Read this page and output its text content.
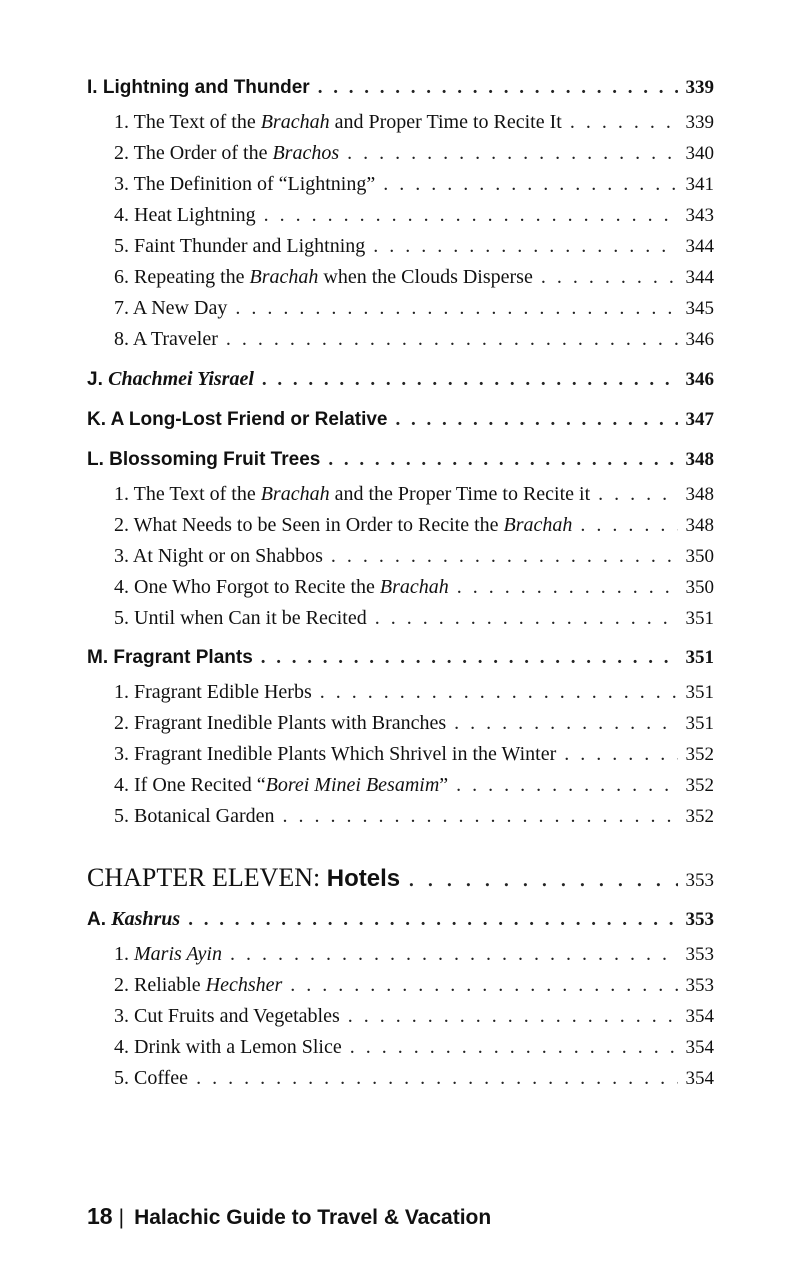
I. Lightning and Thunder . . .	339
1. The Text of the Brachah and Proper Time to Recite It . . .	339
2. The Order of the Brachos . . .	340
3. The Definition of “Lightning” . . .	341
4. Heat Lightning . . .	343
5. Faint Thunder and Lightning . . .	344
6. Repeating the Brachah when the Clouds Disperse . . .	344
7. A New Day . . .	345
8. A Traveler . . .	346
J. Chachmei Yisrael . . .	346
K. A Long-Lost Friend or Relative . . .	347
L. Blossoming Fruit Trees . . .	348
1. The Text of the Brachah and the Proper Time to Recite it . . .	348
2. What Needs to be Seen in Order to Recite the Brachah . . .	348
3. At Night or on Shabbos . . .	350
4. One Who Forgot to Recite the Brachah . . .	350
5. Until when Can it be Recited . . .	351
M. Fragrant Plants . . .	351
1. Fragrant Edible Herbs . . .	351
2. Fragrant Inedible Plants with Branches . . .	351
3. Fragrant Inedible Plants Which Shrivel in the Winter . . .	352
4. If One Recited “Borei Minei Besamim” . . .	352
5. Botanical Garden . . .	352
CHAPTER ELEVEN: Hotels . . .	353
A. Kashrus . . .	353
1. Maris Ayin . . .	353
2. Reliable Hechsher . . .	353
3. Cut Fruits and Vegetables . . .	354
4. Drink with a Lemon Slice . . .	354
5. Coffee . . .	354
18 | Halachic Guide to Travel & Vacation
